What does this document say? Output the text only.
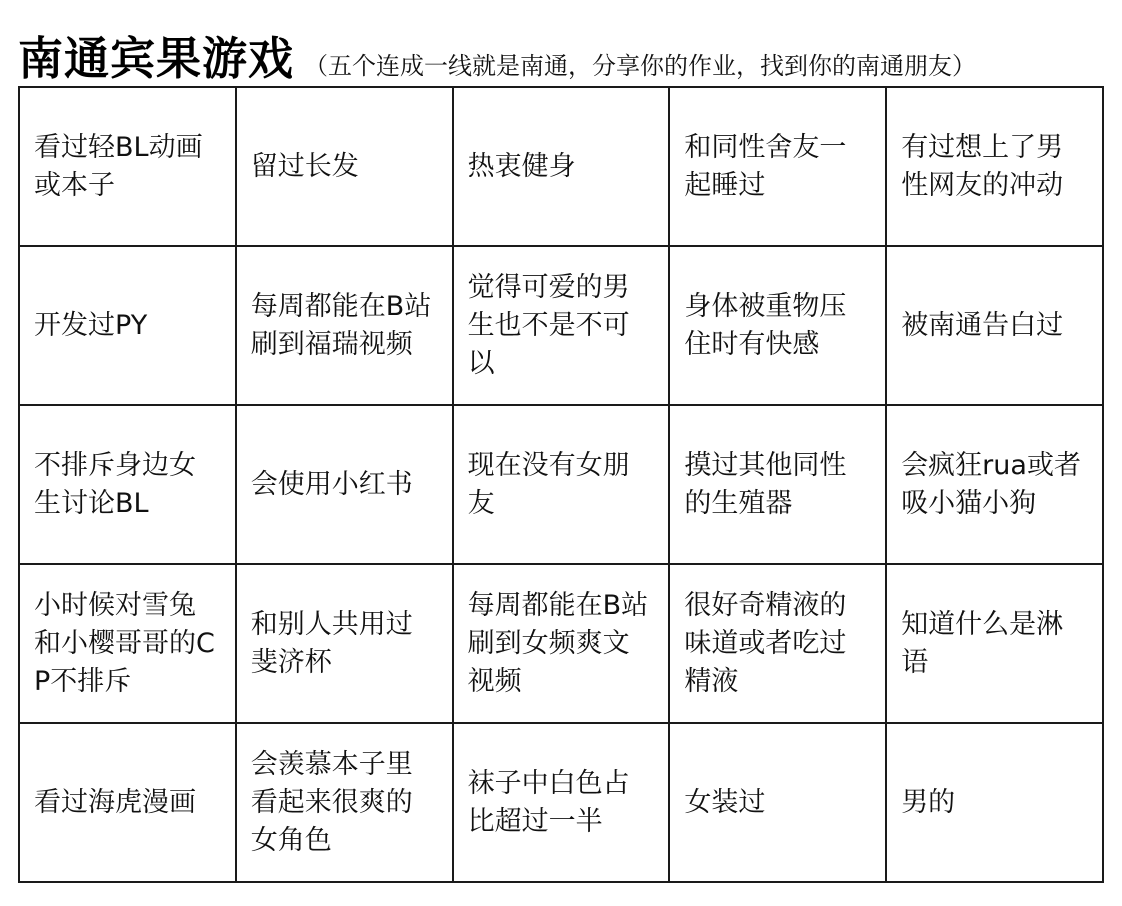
南通宾果游戏 （五个连成一线就是南通，分享你的作业，找到你的南通朋友）
看过轻BL动画或本子	留过长发	热衷健身	和同性舍友一起睡过	有过想上了男性网友的冲动

开发过PY	每周都能在B站刷到福瑞视频	觉得可爱的男生也不是不可以	身体被重物压住时有快感	被南通告白过

不排斥身边女生讨论BL	会使用小红书	现在没有女朋友	摸过其他同性的生殖器	会疯狂rua或者吸小猫小狗

小时候对雪兔和小樱哥哥的CP不排斥	和别人共用过斐济杯	每周都能在B站刷到女频爽文视频	很好奇精液的味道或者吃过精液	知道什么是淋语

看过海虎漫画	会羡慕本子里看起来很爽的女角色	袜子中白色占比超过一半	女装过	男的
